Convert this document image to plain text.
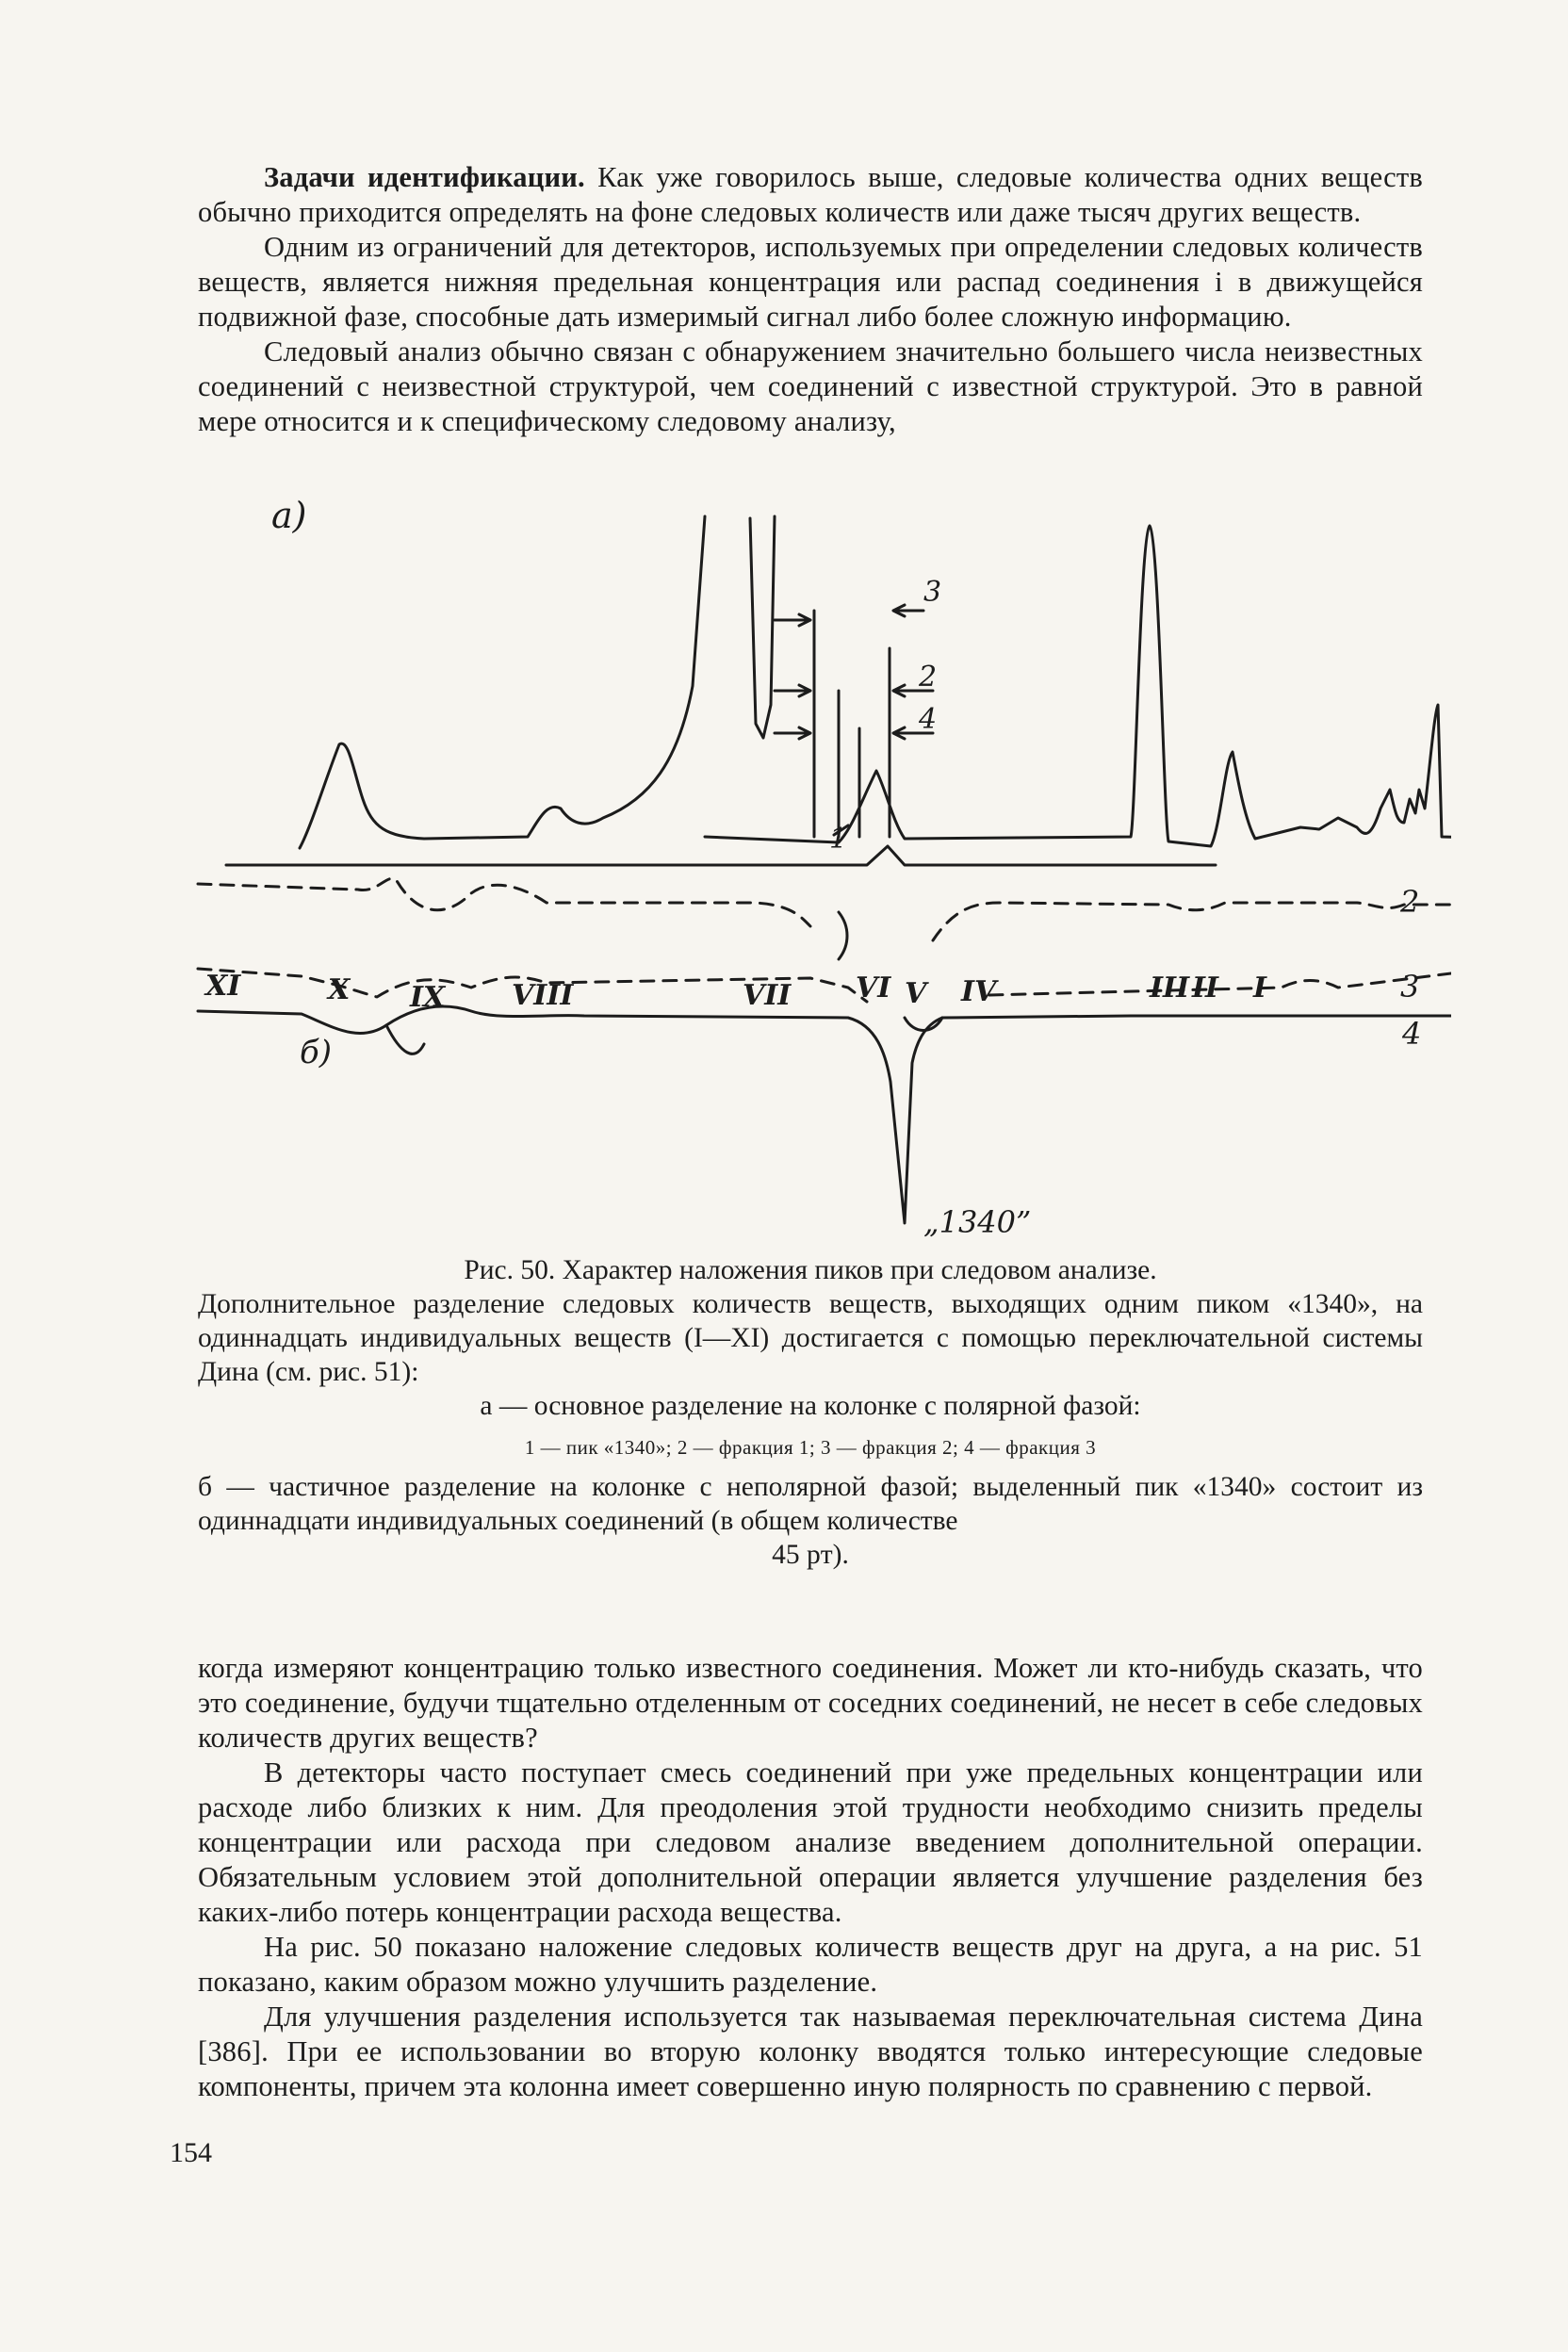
Задачи идентификации. Как уже говорилось выше, следовые количества одних веществ обычно приходится определять на фоне следовых количеств или даже тысяч других веществ.

Одним из ограничений для детекторов, используемых при определении следовых количеств веществ, является нижняя предельная концентрация или распад соединения i в движущейся подвижной фазе, способные дать измеримый сигнал либо более сложную информацию.

Следовый анализ обычно связан с обнаружением значительно большего числа неизвестных соединений с неизвестной структурой, чем соединений с известной структурой. Это в равной мере относится и к специфическому следовому анализу,

a)
б)
„1340”
1
2
3
4
2
3
4
XI	X IX VIII	VII VI V IV	III II I

Рис. 50. Характер наложения пиков при следовом анализе.

Дополнительное разделение следовых количеств веществ, выходящих одним пиком «1340», на одиннадцать индивидуальных веществ (I—XI) достигается с помощью переключательной системы Дина (см. рис. 51):

а — основное разделение на колонке с полярной фазой:

1 — пик «1340»; 2 — фракция 1; 3 — фракция 2; 4 — фракция 3

б — частичное разделение на колонке с неполярной фазой; выделенный пик «1340» состоит из одиннадцати индивидуальных соединений (в общем количестве

45 pт).

когда измеряют концентрацию только известного соединения. Может ли кто-нибудь сказать, что это соединение, будучи тщательно отделенным от соседних соединений, не несет в себе следовых количеств других веществ?

В детекторы часто поступает смесь соединений при уже предельных концентрации или расходе либо близких к ним. Для преодоления этой трудности необходимо снизить пределы концентрации или расхода при следовом анализе введением дополнительной операции. Обязательным условием этой дополнительной операции является улучшение разделения без каких-либо потерь концентрации расхода вещества.

На рис. 50 показано наложение следовых количеств веществ друг на друга, а на рис. 51 показано, каким образом можно улучшить разделение.

Для улучшения разделения используется так называемая переключательная система Дина [386]. При ее использовании во вторую колонку вводятся только интересующие следовые компоненты, причем эта колонна имеет совершенно иную полярность по сравнению с первой.

154
